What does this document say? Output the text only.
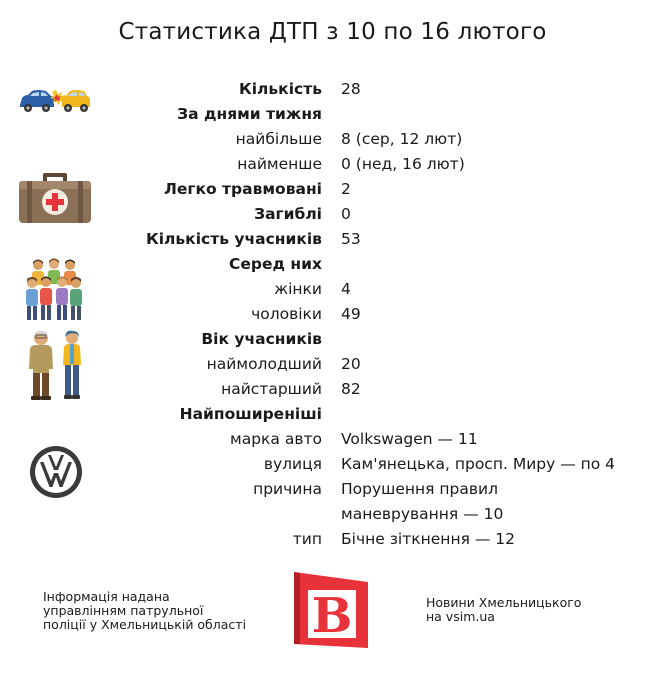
Статистика ДТП з 10 по 16 лютого
Кількість 28
За днями тижня
найбільше 8 (сер, 12 лют)
найменше 0 (нед, 16 лют)
Легко травмовані 2
Загиблі 0
Кількість учасників 53
Серед них
жінки 4
чоловіки 49
Вік учасників
наймолодший 20
найстарший 82
Найпоширеніші
марка авто Volkswagen — 11
вулиця Кам'янецька, просп. Миру — по 4
причина Порушення правил
маневрування — 10
тип Бічне зіткнення — 12
Інформація надана
управлінням патрульної
поліції у Хмельницькій області	В	Новини Хмельницького
на vsim.ua
